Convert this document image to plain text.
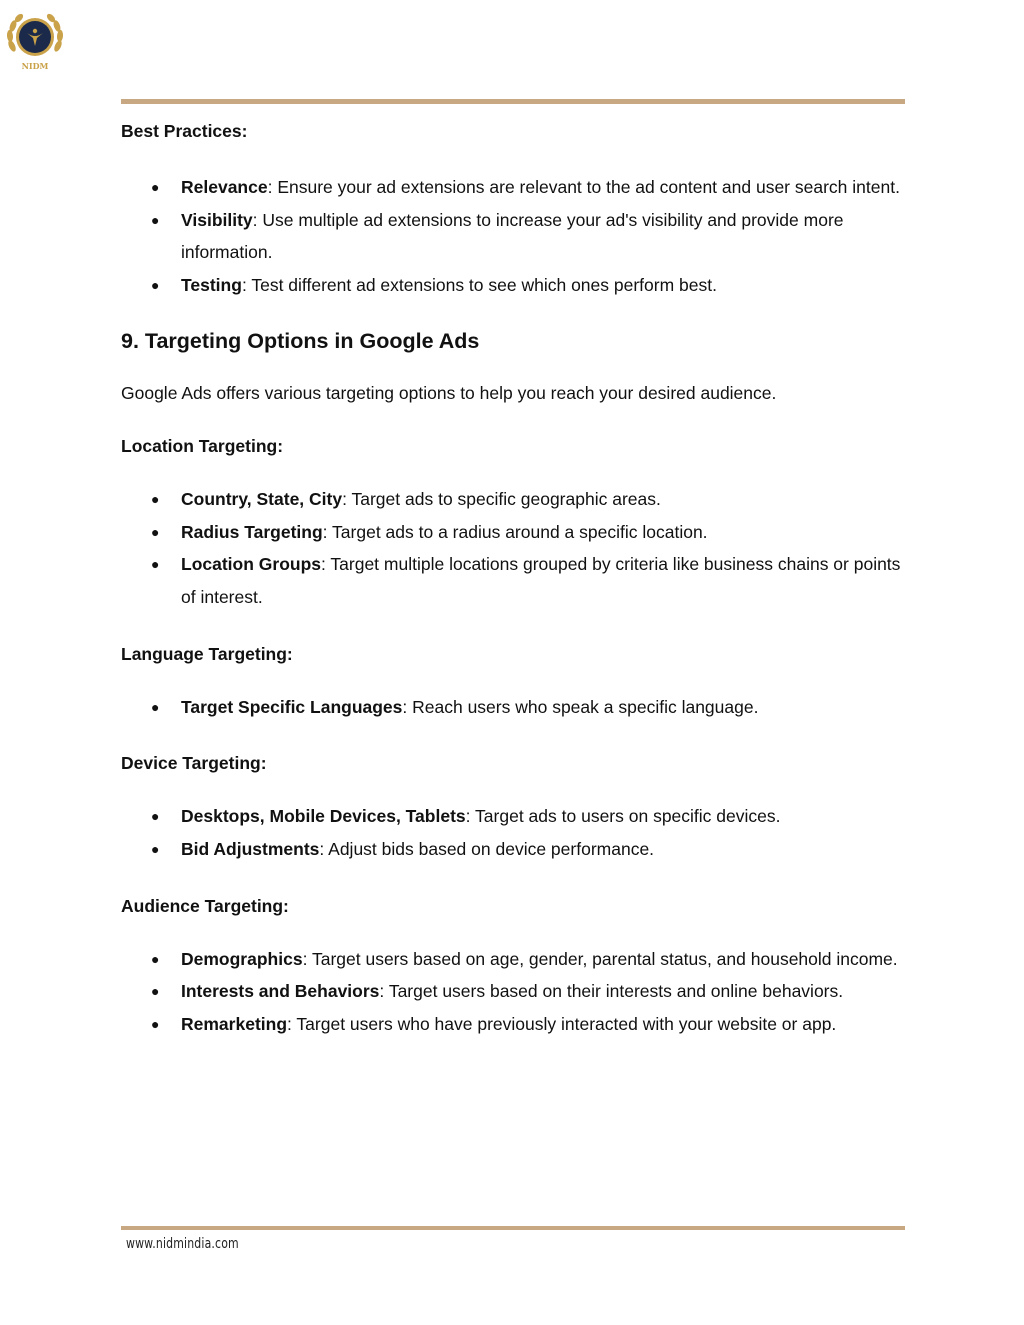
NIDM

Best Practices:

● Relevance: Ensure your ad extensions are relevant to the ad content and user search intent.
● Visibility: Use multiple ad extensions to increase your ad's visibility and provide more information.
● Testing: Test different ad extensions to see which ones perform best.
9. Targeting Options in Google Ads

Google Ads offers various targeting options to help you reach your desired audience.

Location Targeting:

● Country, State, City: Target ads to specific geographic areas.
● Radius Targeting: Target ads to a radius around a specific location.
● Location Groups: Target multiple locations grouped by criteria like business chains or points of interest.

Language Targeting:

● Target Specific Languages: Reach users who speak a specific language.

Device Targeting:

● Desktops, Mobile Devices, Tablets: Target ads to users on specific devices.
● Bid Adjustments: Adjust bids based on device performance.

Audience Targeting:

● Demographics: Target users based on age, gender, parental status, and household income.
● Interests and Behaviors: Target users based on their interests and online behaviors.
● Remarketing: Target users who have previously interacted with your website or app.
www.nidmindia.com
